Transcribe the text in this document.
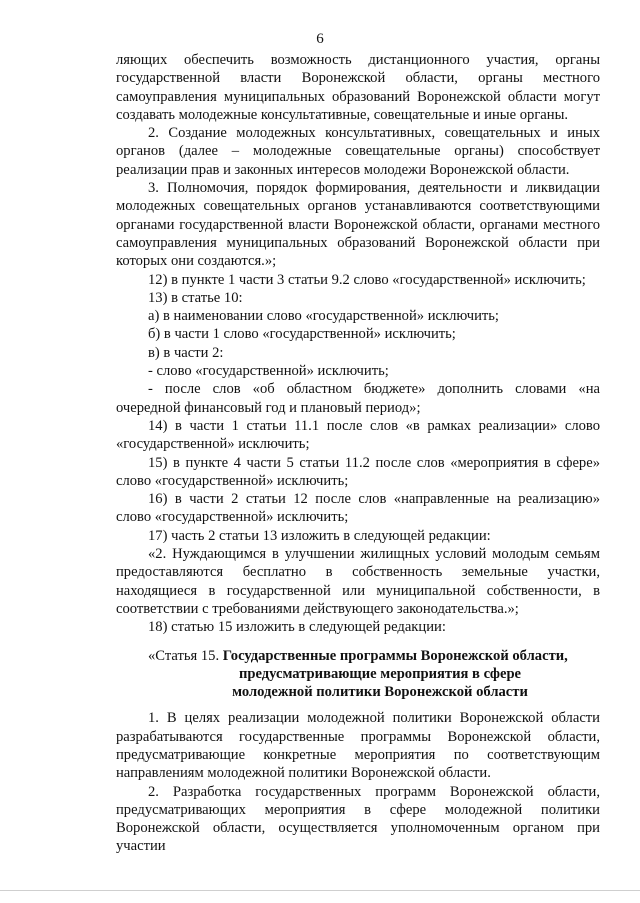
6

ляющих обеспечить возможность дистанционного участия, органы государственной власти Воронежской области, органы местного самоуправления муниципальных образований Воронежской области могут создавать молодежные консультативные, совещательные и иные органы.

2. Создание молодежных консультативных, совещательных и иных органов (далее – молодежные совещательные органы) способствует реализации прав и законных интересов молодежи Воронежской области.

3. Полномочия, порядок формирования, деятельности и ликвидации молодежных совещательных органов устанавливаются соответствующими органами государственной власти Воронежской области, органами местного самоуправления муниципальных образований Воронежской области при которых они создаются.»;

12) в пункте 1 части 3 статьи 9.2 слово «государственной» исключить;

13) в статье 10:

а) в наименовании слово «государственной» исключить;

б) в части 1 слово «государственной» исключить;

в) в части 2:

- слово «государственной» исключить;

- после слов «об областном бюджете» дополнить словами «на очередной финансовый год и плановый период»;

14) в части 1 статьи 11.1 после слов «в рамках реализации» слово «государственной» исключить;

15) в пункте 4 части 5 статьи 11.2 после слов «мероприятия в сфере» слово «государственной» исключить;

16) в части 2 статьи 12 после слов «направленные на реализацию» слово «государственной» исключить;

17) часть 2 статьи 13 изложить в следующей редакции:

«2. Нуждающимся в улучшении жилищных условий молодым семьям предоставляются бесплатно в собственность земельные участки, находящиеся в государственной или муниципальной собственности, в соответствии с требованиями действующего законодательства.»;

18) статью 15 изложить в следующей редакции:

«Статья 15. Государственные программы Воронежской области,

предусматривающие мероприятия в сфере

молодежной политики Воронежской области

1. В целях реализации молодежной политики Воронежской области разрабатываются государственные программы Воронежской области, предусматривающие конкретные мероприятия по соответствующим направлениям молодежной политики Воронежской области.

2. Разработка государственных программ Воронежской области, предусматривающих мероприятия в сфере молодежной политики Воронежской области, осуществляется уполномоченным органом при участии
